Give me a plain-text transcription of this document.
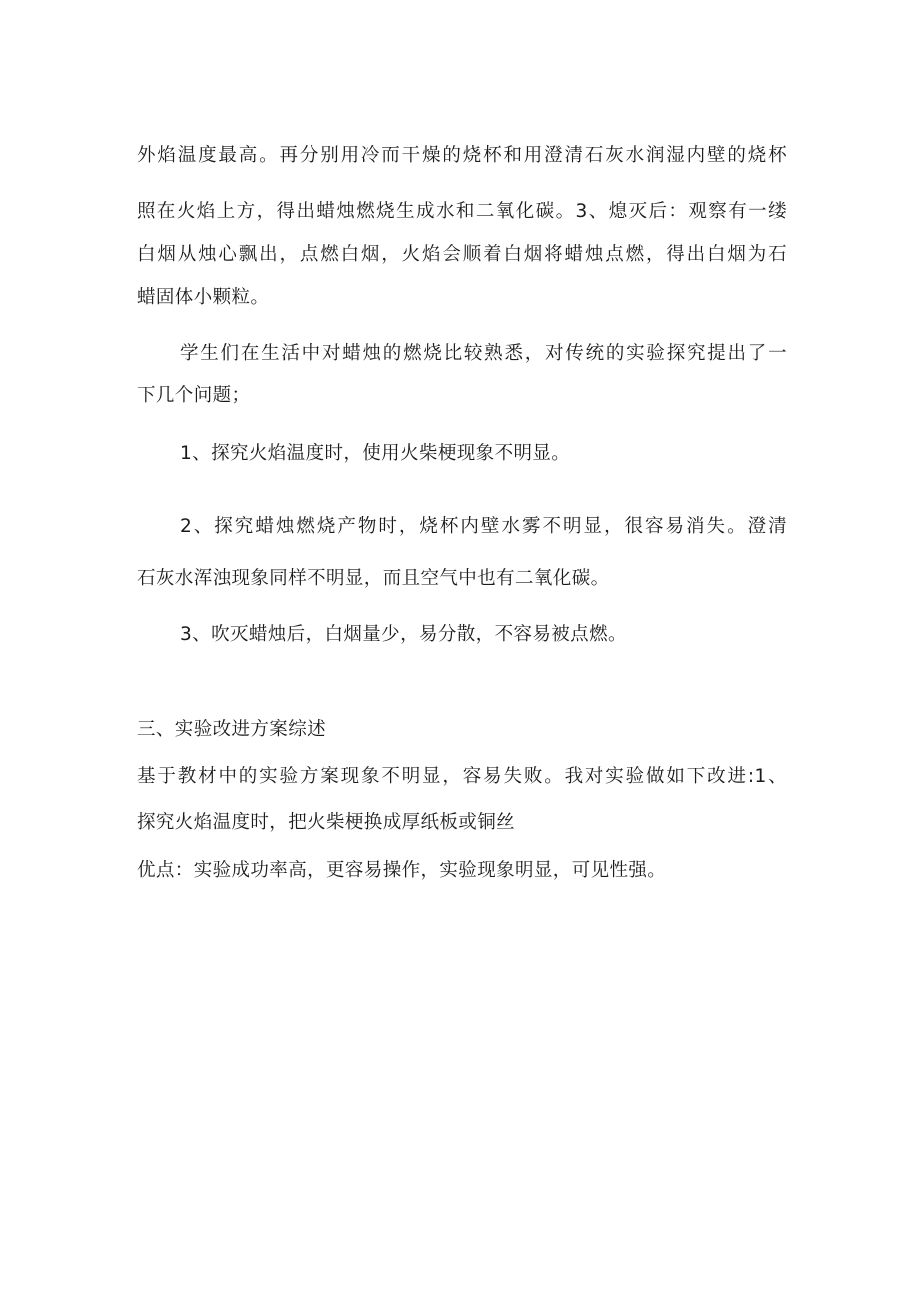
外焰温度最高。再分别用冷而干燥的烧杯和用澄清石灰水润湿内壁的烧杯
照在火焰上方，得出蜡烛燃烧生成水和二氧化碳。3、熄灭后：观察有一缕
白烟从烛心飘出，点燃白烟，火焰会顺着白烟将蜡烛点燃，得出白烟为石
蜡固体小颗粒。
学生们在生活中对蜡烛的燃烧比较熟悉，对传统的实验探究提出了一
下几个问题；
1、探究火焰温度时，使用火柴梗现象不明显。
2、探究蜡烛燃烧产物时，烧杯内壁水雾不明显，很容易消失。澄清
石灰水浑浊现象同样不明显，而且空气中也有二氧化碳。
3、吹灭蜡烛后，白烟量少，易分散，不容易被点燃。
三、实验改进方案综述
基于教材中的实验方案现象不明显，容易失败。我对实验做如下改进:1、
探究火焰温度时，把火柴梗换成厚纸板或铜丝
优点：实验成功率高，更容易操作，实验现象明显，可见性强。
